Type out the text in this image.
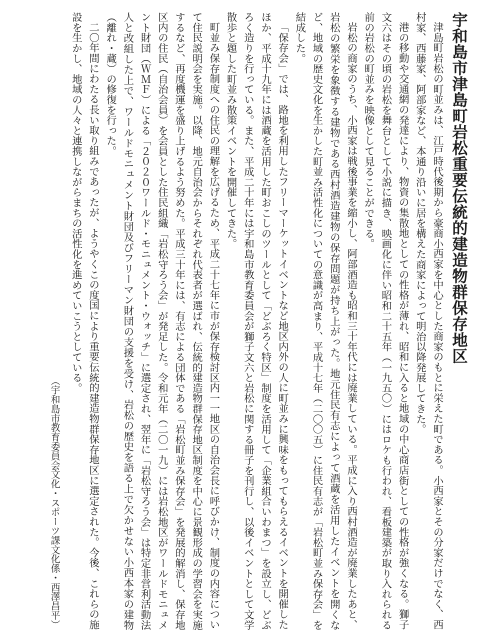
宇和島市津島町岩松重要伝統的建造物群保存地区

津島町岩松の町並みは、江戸時代後期から豪商小西家を中心とした商家のもとに栄えた町である。小西家とその分家だけでなく、西村家、西藤家、阿部家など、本通り沿いに居を構えた商家によって明治以降発展してきた。

港の移動や交通網の発達により、物資の集散地としての性格が薄れ、昭和に入ると地域の中心商店街としての性格が強くなる。獅子文六はその頃の岩松を舞台として小説に描き、映画化に伴い昭和二十五年（一九五〇）にはロケも行われ、看板建築が取り入れられる前の岩松の町並みを映像として見ることができる。

岩松の商家のうち、小西家は戦後事業を縮小し、阿部酒造も昭和三十年代には廃業している。平成に入り西村酒造が廃業したあと、岩松の繁栄を象徴する建物である西村酒造建物の保存問題が持ち上がった。地元住民有志によって酒蔵を活用したイベントを開くなど、地域の歴史文化を生かした町並み活性化についての意識が高まり、平成十七年（二〇〇五）に住民有志が「岩松町並み保存会」を結成した。

「保存会」では、路地を利用したフリーマーケットイベントなど地区内外の人に町並みに興味をもってもらえるイベントを開催したほか、平成十九年には酒蔵を活用した町おこしのツールとして「どぶろく特区」制度を活用して「企業組合いわまつ」を設立し、どぶろく造りを行っている。また、平成二十年には宇和島市教育委員会が獅子文六と岩松に関する冊子を刊行し、以後イベントとして文学散歩と題した町並み散策イベントを開催してきた。

町並み保存制度への住民の理解を広げるため、平成二十七年に市が保存検討区内一一地区の自治会長に呼びかけ、制度の内容について住民説明会を実施。以降、地元自治会からそれぞれ代表者が選ばれ、伝統的建造物群保存地区制度を中心に景観形成の学習会を実施するなど、再度機運を盛り上げるよう努めた。平成三十年には、有志による団体である「岩松町並み保存会」を発展的解消し、保存地区内の住民（自治会員）を会員とした住民組織「岩松守ろう会」が発足した。令和元年（二〇一九）には岩松地区がワールドモニュメント財団（ＷＭＦ）による「２０２０ワールド・モニュメント・ウォッチ」に選定され、翌年に「岩松守ろう会」は特定非営利活動法人と改組した上で、ワールドモニュメント財団及びフリーマン財団の支援を受け、岩松の歴史を語る上で欠かせない小西本家の建物（離れ・蔵）の修復を行った。

二〇年間にわたる長い取り組みであったが、ようやくこの度国により重要伝統的建造物群保存地区に選定された。今後、これらの施設を生かし、地域の人々と連携しながらまちの活性化を進めていこうとしている。

（宇和島市教育委員会文化・スポーツ課文化係・西澤昌平）
